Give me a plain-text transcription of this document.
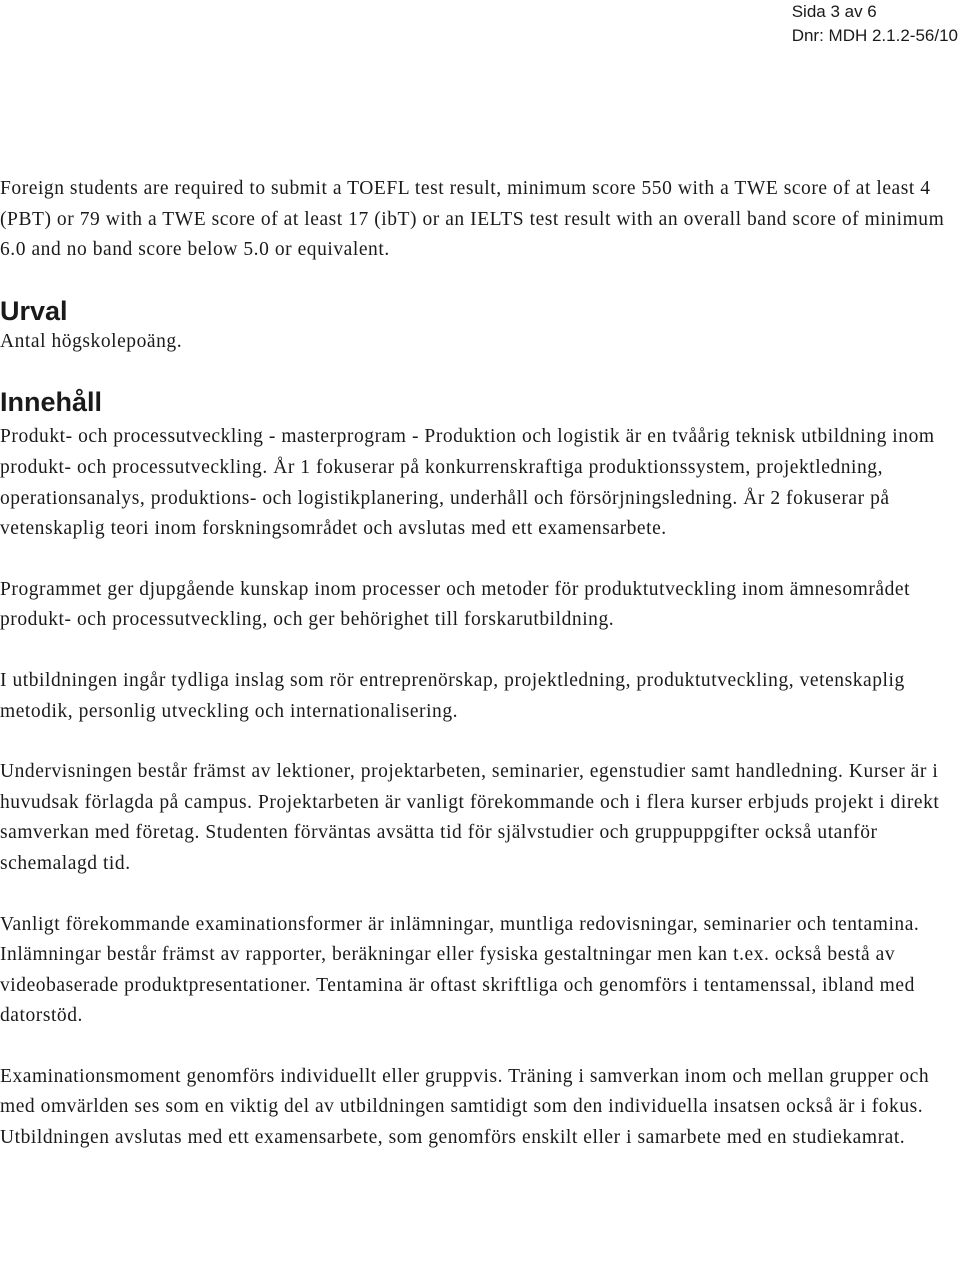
Sida 3 av 6
Dnr: MDH 2.1.2-56/10

Foreign students are required to submit a TOEFL test result, minimum score 550 with a TWE score of at least 4 (PBT) or 79 with a TWE score of at least 17 (ibT) or an IELTS test result with an overall band score of minimum 6.0 and no band score below 5.0 or equivalent.

Urval

Antal högskolepoäng.

Innehåll

Produkt- och processutveckling - masterprogram - Produktion och logistik är en tvåårig teknisk utbildning inom produkt- och processutveckling. År 1 fokuserar på konkurrenskraftiga produktionssystem, projektledning, operationsanalys, produktions- och logistikplanering, underhåll och försörjningsledning. År 2 fokuserar på vetenskaplig teori inom forskningsområdet och avslutas med ett examensarbete.

Programmet ger djupgående kunskap inom processer och metoder för produktutveckling inom ämnesområdet produkt- och processutveckling, och ger behörighet till forskarutbildning.

I utbildningen ingår tydliga inslag som rör entreprenörskap, projektledning, produktutveckling, vetenskaplig metodik, personlig utveckling och internationalisering.

Undervisningen består främst av lektioner, projektarbeten, seminarier, egenstudier samt handledning. Kurser är i huvudsak förlagda på campus. Projektarbeten är vanligt förekommande och i flera kurser erbjuds projekt i direkt samverkan med företag. Studenten förväntas avsätta tid för självstudier och gruppuppgifter också utanför schemalagd tid.

Vanligt förekommande examinationsformer är inlämningar, muntliga redovisningar, seminarier och tentamina. Inlämningar består främst av rapporter, beräkningar eller fysiska gestaltningar men kan t.ex. också bestå av videobaserade produktpresentationer. Tentamina är oftast skriftliga och genomförs i tentamenssal, ibland med datorstöd.

Examinationsmoment genomförs individuellt eller gruppvis. Träning i samverkan inom och mellan grupper och med omvärlden ses som en viktig del av utbildningen samtidigt som den individuella insatsen också är i fokus. Utbildningen avslutas med ett examensarbete, som genomförs enskilt eller i samarbete med en studiekamrat.
